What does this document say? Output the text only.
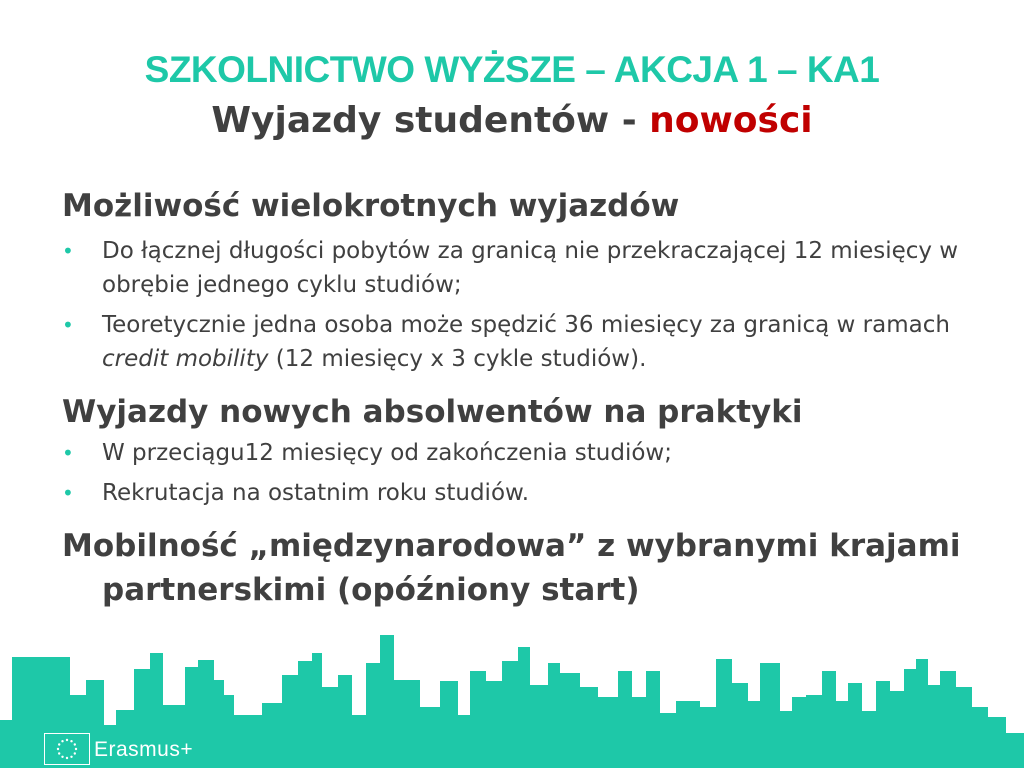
SZKOLNICTWO WYŻSZE – AKCJA 1 – KA1
Wyjazdy studentów - nowości

Możliwość wielokrotnych wyjazdów

• Do łącznej długości pobytów za granicą nie przekraczającej 12 miesięcy w obrębie jednego cyklu studiów;
• Teoretycznie jedna osoba może spędzić 36 miesięcy za granicą w ramach credit mobility (12 miesięcy x 3 cykle studiów).

Wyjazdy nowych absolwentów na praktyki

• W przeciągu12 miesięcy od zakończenia studiów;
• Rekrutacja na ostatnim roku studiów.

Mobilność „międzynarodowa” z wybranymi krajami partnerskimi (opóźniony start)

Erasmus+
